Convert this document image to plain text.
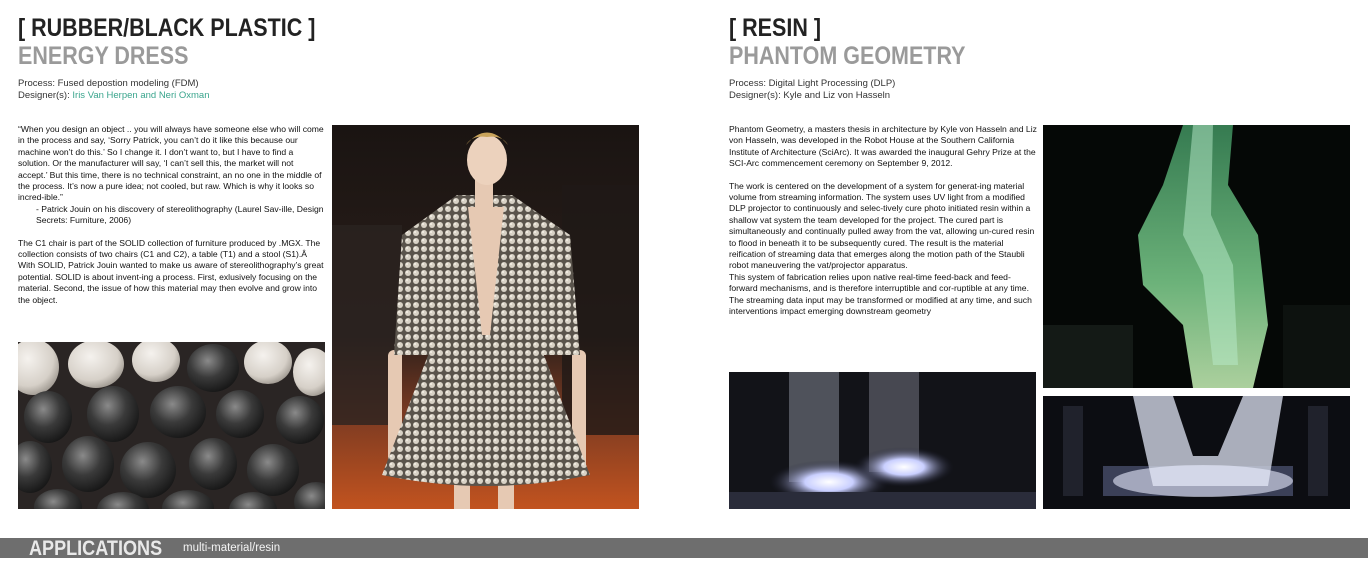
[ RUBBER/BLACK PLASTIC ]
ENERGY DRESS
Process: Fused depostion modeling (FDM)
Designer(s): Iris Van Herpen and Neri Oxman

“When you design an object .. you will always have someone else who will come in the process and say, ‘Sorry Patrick, you can’t do it like this because our machine won’t do this.’ So I change it. I don’t want to, but I have to find a solution. Or the manufacturer will say, ‘I can’t sell this, the market will not accept.’ But this time, there is no technical constraint, an no one in the middle of the process. It’s now a pure idea; not cooled, but raw. Which is why it looks so incred-ible.”

- Patrick Jouin on his discovery of stereolithography (Laurel Sav-ille, Design Secrets: Furniture, 2006)

The C1 chair is part of the SOLID collection of furniture produced by .MGX. The collection consists of two chairs (C1 and C2), a table (T1) and a stool (S1).Â With SOLID, Patrick Jouin wanted to make us aware of stereolithography’s great potential. SOLID is about invent-ing a process. First, exlusively focusing on the material. Second, the issue of how this material may then evolve and grow into the object.

[ RESIN ]
PHANTOM GEOMETRY
Process: Digital Light Processing (DLP)
Designer(s): Kyle and Liz von Hasseln

Phantom Geometry, a masters thesis in architecture by Kyle von Hasseln and Liz von Hasseln, was developed in the Robot House at the Southern California Institute of Architecture (SciArc). It was awarded the inaugural Gehry Prize at the SCI-Arc commencement ceremony on September 9, 2012.

The work is centered on the development of a system for generat-ing material volume from streaming information. The system uses UV light from a modified DLP projector to continuously and selec-tively cure photo initiated resin within a shallow vat system the team developed for the project. The cured part is simultaneously and continually pulled away from the vat, allowing un-cured resin to flood in beneath it to be subsequently cured. The result is the material reification of streaming data that emerges along the motion path of the Staubli robot maneuvering the vat/projector apparatus.

This system of fabrication relies upon native real-time feed-back and feed-forward mechanisms, and is therefore interruptible and cor-ruptible at any time. The streaming data input may be transformed or modified at any time, and such interventions impact emerging downstream geometry

APPLICATIONS multi-material/resin
